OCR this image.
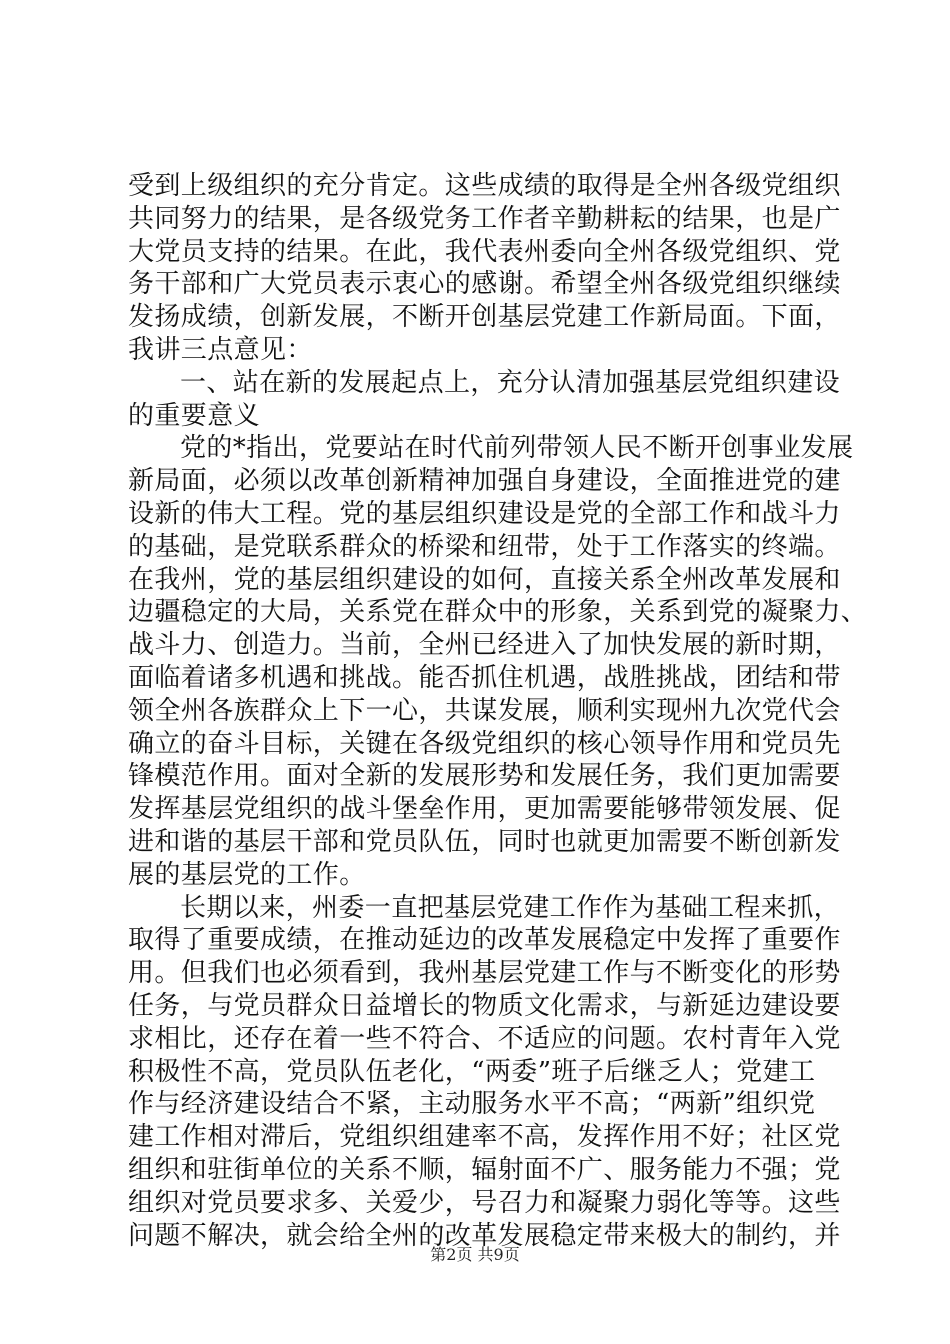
受到上级组织的充分肯定。这些成绩的取得是全州各级党组织
共同努力的结果，是各级党务工作者辛勤耕耘的结果，也是广
大党员支持的结果。在此，我代表州委向全州各级党组织、党
务干部和广大党员表示衷心的感谢。希望全州各级党组织继续
发扬成绩，创新发展，不断开创基层党建工作新局面。下面，
我讲三点意见：
一、站在新的发展起点上，充分认清加强基层党组织建设
的重要意义
党的*指出，党要站在时代前列带领人民不断开创事业发展
新局面，必须以改革创新精神加强自身建设，全面推进党的建
设新的伟大工程。党的基层组织建设是党的全部工作和战斗力
的基础，是党联系群众的桥梁和纽带，处于工作落实的终端。
在我州，党的基层组织建设的如何，直接关系全州改革发展和
边疆稳定的大局，关系党在群众中的形象，关系到党的凝聚力、
战斗力、创造力。当前，全州已经进入了加快发展的新时期，
面临着诸多机遇和挑战。能否抓住机遇，战胜挑战，团结和带
领全州各族群众上下一心，共谋发展，顺利实现州九次党代会
确立的奋斗目标，关键在各级党组织的核心领导作用和党员先
锋模范作用。面对全新的发展形势和发展任务，我们更加需要
发挥基层党组织的战斗堡垒作用，更加需要能够带领发展、促
进和谐的基层干部和党员队伍，同时也就更加需要不断创新发
展的基层党的工作。
长期以来，州委一直把基层党建工作作为基础工程来抓，
取得了重要成绩，在推动延边的改革发展稳定中发挥了重要作
用。但我们也必须看到，我州基层党建工作与不断变化的形势
任务，与党员群众日益增长的物质文化需求，与新延边建设要
求相比，还存在着一些不符合、不适应的问题。农村青年入党
积极性不高，党员队伍老化，“两委”班子后继乏人；党建工
作与经济建设结合不紧，主动服务水平不高；“两新”组织党
建工作相对滞后，党组织组建率不高，发挥作用不好；社区党
组织和驻街单位的关系不顺，辐射面不广、服务能力不强；党
组织对党员要求多、关爱少，号召力和凝聚力弱化等等。这些
问题不解决，就会给全州的改革发展稳定带来极大的制约，并
第2页 共9页
